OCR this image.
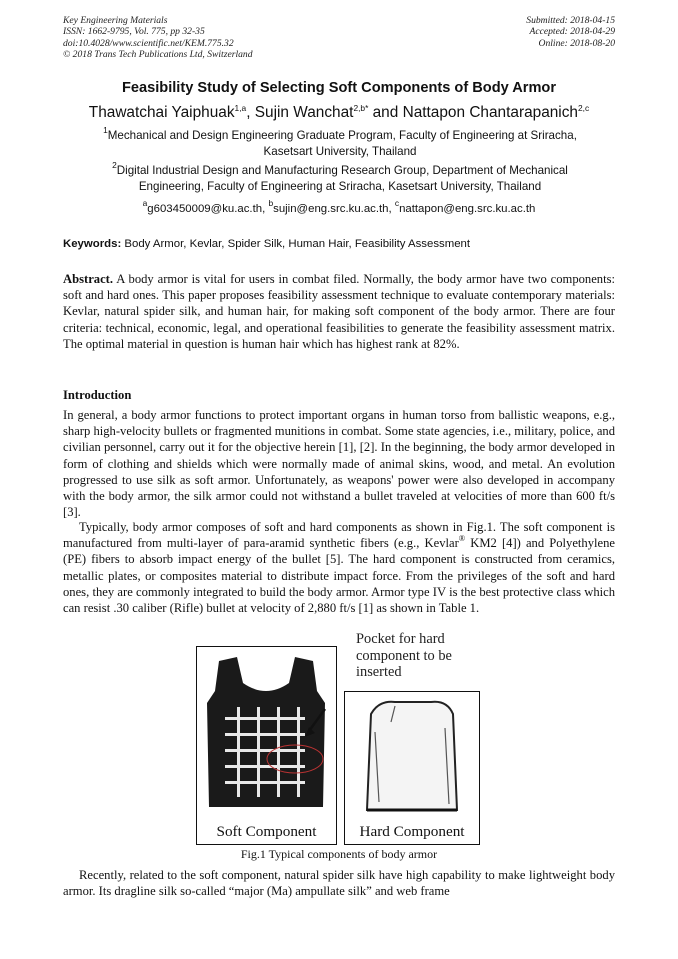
Key Engineering Materials
ISSN: 1662-9795, Vol. 775, pp 32-35
doi:10.4028/www.scientific.net/KEM.775.32
© 2018 Trans Tech Publications Ltd, Switzerland
Submitted: 2018-04-15
Accepted: 2018-04-29
Online: 2018-08-20
Feasibility Study of Selecting Soft Components of Body Armor
Thawatchai Yaiphuak$^{1,a}$, Sujin Wanchat$^{2,b*}$ and Nattapon Chantarapanich$^{2,c}$
$^1$Mechanical and Design Engineering Graduate Program, Faculty of Engineering at Sriracha, Kasetsart University, Thailand
$^2$Digital Industrial Design and Manufacturing Research Group, Department of Mechanical Engineering, Faculty of Engineering at Sriracha, Kasetsart University, Thailand
$^a$g603450009@ku.ac.th, $^b$sujin@eng.src.ku.ac.th, $^c$nattapon@eng.src.ku.ac.th
Keywords: Body Armor, Kevlar, Spider Silk, Human Hair, Feasibility Assessment
Abstract. A body armor is vital for users in combat filed. Normally, the body armor have two components: soft and hard ones. This paper proposes feasibility assessment technique to evaluate contemporary materials: Kevlar, natural spider silk, and human hair, for making soft component of the body armor. There are four criteria: technical, economic, legal, and operational feasibilities to generate the feasibility assessment matrix. The optimal material in question is human hair which has highest rank at 82%.
Introduction
In general, a body armor functions to protect important organs in human torso from ballistic weapons, e.g., sharp high-velocity bullets or fragmented munitions in combat. Some state agencies, i.e., military, police, and civilian personnel, carry out it for the objective herein [1], [2]. In the beginning, the body armor developed in form of clothing and shields which were normally made of animal skins, wood, and metal. An evolution progressed to use silk as soft armor. Unfortunately, as weapons' power were also developed in accompany with the body armor, the silk armor could not withstand a bullet traveled at velocities of more than 600 ft/s [3].
Typically, body armor composes of soft and hard components as shown in Fig.1. The soft component is manufactured from multi-layer of para-aramid synthetic fibers (e.g., Kevlar® KM2 [4]) and Polyethylene (PE) fibers to absorb impact energy of the bullet [5]. The hard component is constructed from ceramics, metallic plates, or composites material to distribute impact force. From the privileges of the soft and hard ones, they are commonly integrated to build the body armor. Armor type IV is the best protective class which can resist .30 caliber (Rifle) bullet at velocity of 2,880 ft/s [1] as shown in Table 1.
Soft Component	Hard Component
Pocket for hard component to be inserted
Fig.1 Typical components of body armor
Recently, related to the soft component, natural spider silk have high capability to make lightweight body armor. Its dragline silk so-called “major (Ma) ampullate silk” and web frame
